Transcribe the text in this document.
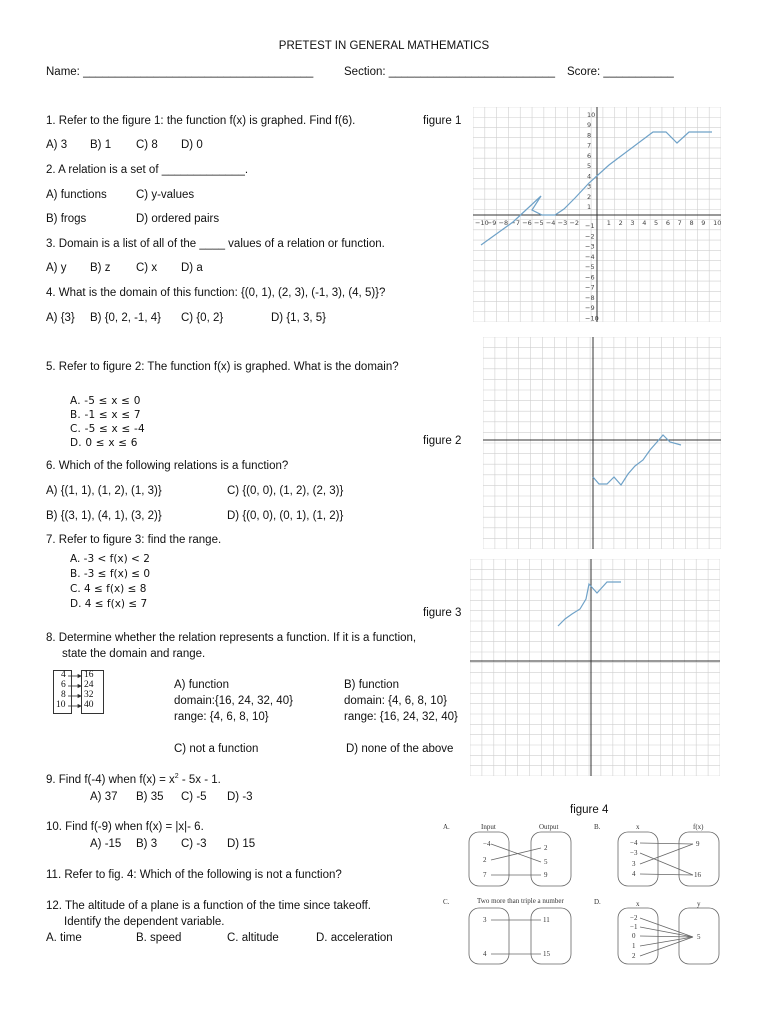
PRETEST IN GENERAL MATHEMATICS
Name: ____________________________________	Section: __________________________ Score: ___________
1. Refer to the figure 1: the function f(x) is graphed. Find f(6).
A) 3 B) 1 C) 8 D) 0
2. A relation is a set of _____________.
A) functions	C) y-values
B) frogs	D) ordered pairs
3. Domain is a list of all of the ____ values of a relation or function.
A) y B) z C) x D) a
4. What is the domain of this function: {(0, 1), (2, 3), (-1, 3), (4, 5)}?
A) {3} B) {0, 2, -1, 4} C) {0, 2}	D) {1, 3, 5}
5. Refer to figure 2: The function f(x) is graphed. What is the domain?
A. -5 ≤ x ≤ 0
B. -1 ≤ x ≤ 7
C. -5 ≤ x ≤ -4
D. 0 ≤ x ≤ 6
6. Which of the following relations is a function?
A) {(1, 1), (1, 2), (1, 3)}	C) {(0, 0), (1, 2), (2, 3)}
B) {(3, 1), (4, 1), (3, 2)}	D) {(0, 0), (0, 1), (1, 2)}
7. Refer to figure 3: find the range.
A. -3 < f(x) < 2
B. -3 ≤ f(x) ≤ 0
C. 4 ≤ f(x) ≤ 8
D. 4 ≤ f(x) ≤ 7
8. Determine whether the relation represents a function. If it is a function,
state the domain and range.
4
6
8
10
16
24
32
40
A) function
domain:{16, 24, 32, 40}
range: {4, 6, 8, 10}
B) function
domain: {4, 6, 8, 10}
range: {16, 24, 32, 40}
C) not a function	D) none of the above
9. Find f(-4) when $f(x) = x^2 - 5x - 1$.
A) 37 B) 35 C) -5 D) -3
10. Find f(-9) when f(x) = |x|- 6.
A) -15 B) 3 C) -3 D) 15
11. Refer to fig. 4: Which of the following is not a function?
12. The altitude of a plane is a function of the time since takeoff.
Identify the dependent variable.
A. time	B. speed	C. altitude	D. acceleration
figure 1
figure 2
figure 3
figure 4
−10
−9 −8 −7 −6 −5 −4 −3 −2	1 2 3 4 5 6 7 8 9 10
10
9
8
7
6
5
4
3
2
1
−1
−2
−3
−4
−5
−6
−7
−8
−9
−10
A.	Input	Output
−4
2
7
2
5
9
B.	x	f(x)
−4
−3
3
4
9
16
C.	Two more than triple a number
3
4
11
15
D.	x	y
−2
−1
0
1
2
5
